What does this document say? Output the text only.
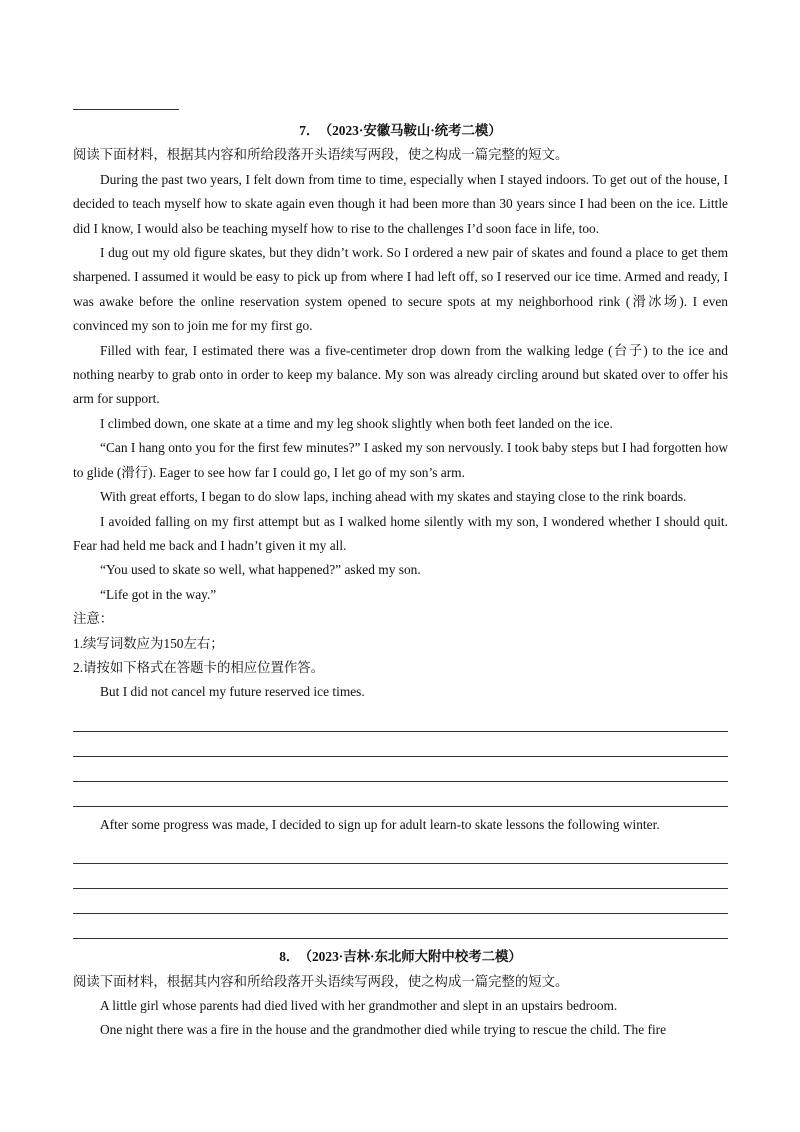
7． （2023·安徽马鞍山·统考二模）

阅读下面材料，根据其内容和所给段落开头语续写两段，使之构成一篇完整的短文。

During the past two years, I felt down from time to time, especially when I stayed indoors. To get out of the house, I decided to teach myself how to skate again even though it had been more than 30 years since I had been on the ice. Little did I know, I would also be teaching myself how to rise to the challenges I’d soon face in life, too.

I dug out my old figure skates, but they didn’t work. So I ordered a new pair of skates and found a place to get them sharpened. I assumed it would be easy to pick up from where I had left off, so I reserved our ice time. Armed and ready, I was awake before the online reservation system opened to secure spots at my neighborhood rink (滑冰场). I even convinced my son to join me for my first go.

Filled with fear, I estimated there was a five-centimeter drop down from the walking ledge (台子) to the ice and nothing nearby to grab onto in order to keep my balance. My son was already circling around but skated over to offer his arm for support.

I climbed down, one skate at a time and my leg shook slightly when both feet landed on the ice.

“Can I hang onto you for the first few minutes?” I asked my son nervously. I took baby steps but I had forgotten how to glide (滑行). Eager to see how far I could go, I let go of my son’s arm.

With great efforts, I began to do slow laps, inching ahead with my skates and staying close to the rink boards.

I avoided falling on my first attempt but as I walked home silently with my son, I wondered whether I should quit. Fear had held me back and I hadn’t given it my all.

“You used to skate so well, what happened?” asked my son.

“Life got in the way.”

注意：

1.续写词数应为150左右；

2.请按如下格式在答题卡的相应位置作答。

But I did not cancel my future reserved ice times.

After some progress was made, I decided to sign up for adult learn-to skate lessons the following winter.

8． （2023·吉林·东北师大附中校考二模）

阅读下面材料，根据其内容和所给段落开头语续写两段，使之构成一篇完整的短文。

A little girl whose parents had died lived with her grandmother and slept in an upstairs bedroom.

One night there was a fire in the house and the grandmother died while trying to rescue the child. The fire
